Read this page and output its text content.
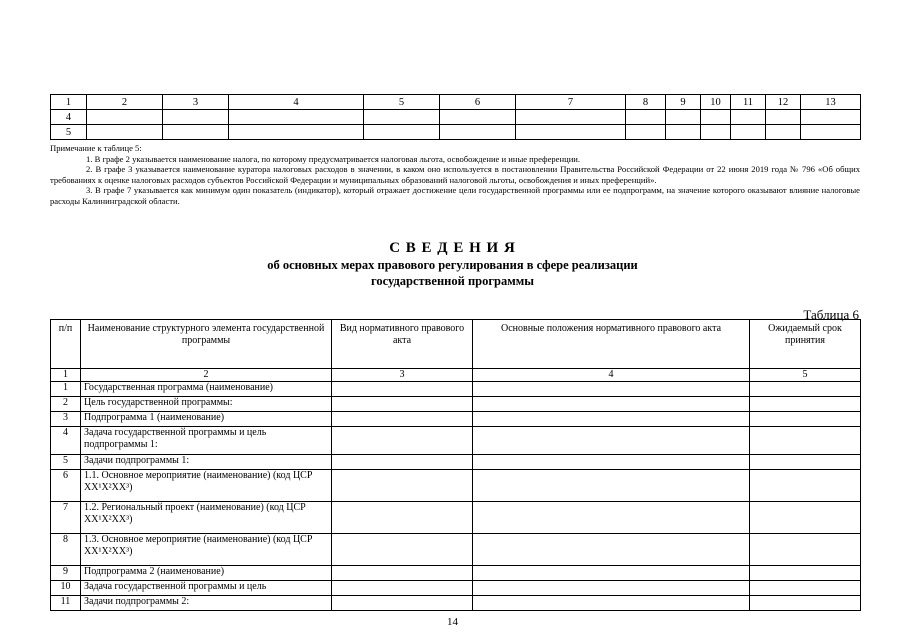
1	2	3	4	5	6	7	8	9	10	11	12	13
4												
5												

Примечание к таблице 5:

1. В графе 2 указывается наименование налога, по которому предусматривается налоговая льгота, освобождение и иные преференции.

2. В графе 3 указывается наименование куратора налоговых расходов в значении, в каком оно используется в постановлении Правительства Российской Федерации от 22 июня 2019 года № 796 «Об общих требованиях к оценке налоговых расходов субъектов Российской Федерации и муниципальных образований налоговой льготы, освобождения и иных преференций».

3. В графе 7 указывается как минимум один показатель (индикатор), который отражает достижение цели государственной программы или ее подпрограмм, на значение которого оказывают влияние налоговые расходы Калининградской области.

С В Е Д Е Н И Я
об основных мерах правового регулирования в сфере реализации
государственной программы
Таблица 6
п/п	Наименование структурного элемента государственной программы	Вид нормативного правового акта	Основные положения нормативного правового акта	Ожидаемый срок принятия
1	2	3	4	5
1	Государственная программа (наименование)			
2	Цель государственной программы:			
3	Подпрограмма 1 (наименование)			
4	Задача государственной программы и цель подпрограммы 1:			
5	Задачи подпрограммы 1:			
6	1.1. Основное мероприятие (наименование) (код ЦСР XX¹X²XX³)			
7	1.2. Региональный проект (наименование) (код ЦСР XX¹X²XX³)			
8	1.3. Основное мероприятие (наименование) (код ЦСР XX¹X²XX³)			
9	Подпрограмма 2 (наименование)			
10	Задача государственной программы и цель			
11	Задачи подпрограммы 2:			
14
